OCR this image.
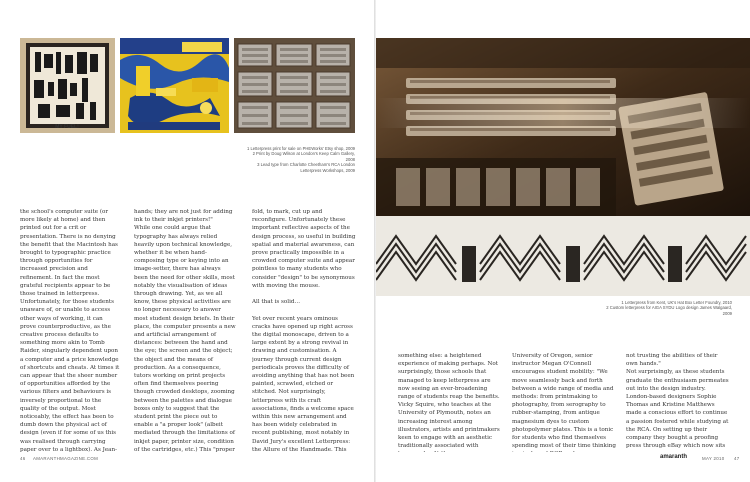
MY FUEL!
1 Letterpress print for sale on PHEWorks' Etsy shop, 2009
2 Print by Doug Wilson at London's Keep Calm Gallery, 2008
3 Lead type from Charlotte Cheetham's RCA London Letterpress Workshops, 2009
1 Letterpress from Kent, UK's Hat Box Letter Foundry, 2010
2 Custom letterpress for AIGA SYDU Logo design James Walgaard, 2009
the school's computer suite (or more likely at home) and then printed out for a crit or presentation. There is no denying the benefit that the Macintosh has brought to typographic practice through opportunities for increased precision and refinement. In fact the most grateful recipients appear to be those trained in letterpress. Unfortunately, for those students unaware of, or unable to access other ways of working, it can prove counterproductive, as the creative process defaults to something more akin to Tomb Raider, singularly dependent upon a computer and a price knowledge of shortcuts and cheats. At times it can appear that the sheer number of opportunities afforded by the various filters and behaviours is inversely proportional to the quality of the output. Most noticeably, the effect has been to dumb down the physical act of design (even if for some of us this was realised through carrying paper over to a lightbox). As Jean-
hands; they are not just for adding ink to their inkjet printers!"
While one could argue that typography has always relied heavily upon technical knowledge, whether it be when hand-composing type or keying into an image-setter, there has always been the need for other skills, most notably the visualisation of ideas through drawing. Yet, as we all know, these physical activities are no longer necessary to answer most student design briefs. In their place, the computer presents a new and artificial arrangement of distances: between the hand and the eye; the screen and the object; the object and the means of production. As a consequence, tutors working on print projects often find themselves peering though crowded desktops, zooming between the palettes and dialogue boxes only to suggest that the student print the piece out to enable a "a proper look" (albeit mediated through the limitations of inkjet paper, printer size, condition of the cartridges, etc.) This "proper
fold, to mark, cut up and reconfigure. Unfortunately these important reflective aspects of the design process, so useful in building spatial and material awareness, can prove practically impossible in a crowded computer suite and appear pointless to many students who consider "design" to be synonymous with moving the mouse.

All that is solid…

Yet over recent years ominous cracks have opened up right across the digital monoscape, driven to a large extent by a strong revival in drawing and customisation. A journey through current design periodicals proves the difficulty of avoiding anything that has not been painted, scrawled, etched or stitched. Not surprisingly, letterpress with its craft associations, finds a welcome space within this new arrangement and has been widely celebrated in recent publishing, most notably in David Jury's excellent Letterpress: the Allure of the Handmade. This
something else: a heightened experience of making perhaps. Not surprisingly, those schools that managed to keep letterpress are now seeing an ever-broadening range of students reap the benefits. Vicky Squire, who teaches at the University of Plymouth, notes an increasing interest among illustrators, artists and printmakers keen to engage with an aesthetic traditionally associated with
University of Oregon, senior instructor Megan O'Connell encourages student mobility: "We move seamlessly back and forth between a wide range of media and methods: from printmaking to photography, from serography to rubber-stamping, from antique magnesium dyes to custom photopolymer plates. This is a tonic for students who find themselves spending most of their time thinking
not trusting the abilities of their own hands."
Not surprisingly, as these students graduate the enthusiasm permeates out into the design industry. London-based designers Sophie Thomas and Kristine Matthews made a conscious effort to continue a passion fostered while studying at the RCA. On setting up their company they bought a proofing press through eBay which now sits
46 AMARANTHMAGAZINE.COM	amaranth	MAY 2010 47
